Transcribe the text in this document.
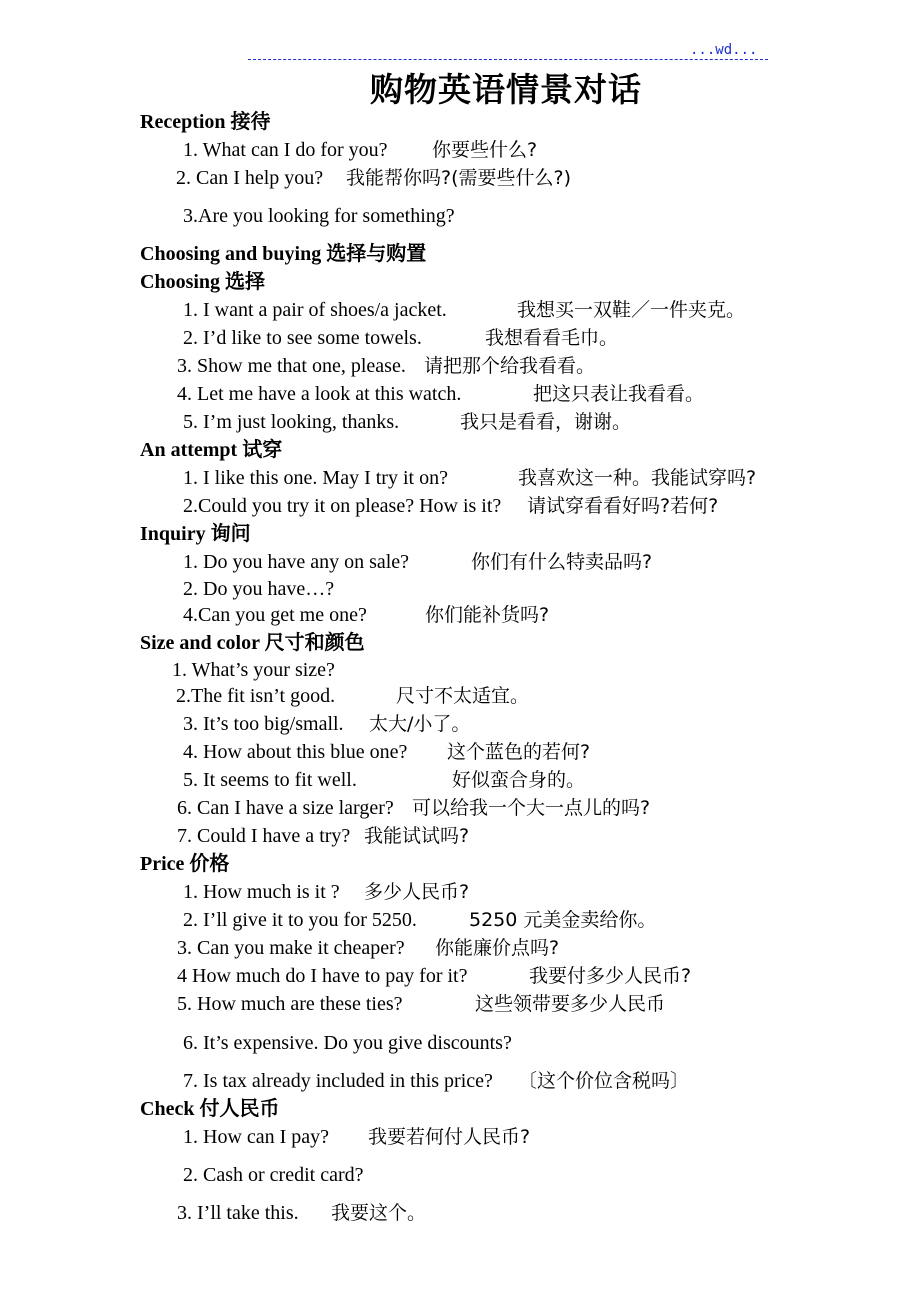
...wd...
购物英语情景对话
Reception 接待
1. What can I do for you? 你要些什么?
2. Can I help you? 我能帮你吗?(需要些什么?)
3.Are you looking for something?
Choosing and buying 选择与购置
Choosing 选择
1. I want a pair of shoes/a jacket.	我想买一双鞋／一件夹克。
2. I’d like to see some towels.	我想看看毛巾。
3. Show me that one, please. 请把那个给我看看。
4. Let me have a look at this watch.	把这只表让我看看。
5. I’m just looking, thanks.	我只是看看，谢谢。
An attempt 试穿
1. I like this one. May I try it on?	我喜欢这一种。我能试穿吗?
2.Could you try it on please? How is it? 请试穿看看好吗?若何?
Inquiry 询问
1. Do you have any on sale?	你们有什么特卖品吗?
2. Do you have…?
4.Can you get me one?	你们能补货吗?
Size and color 尺寸和颜色
1. What’s your size?
2.The fit isn’t good.	尺寸不太适宜。
3. It’s too big/small. 太大/小了。
4. How about this blue one? 这个蓝色的若何?
5. It seems to fit well.	好似蛮合身的。
6. Can I have a size larger? 可以给我一个大一点儿的吗?
7. Could I have a try? 我能试试吗?
Price 价格
1. How much is it ? 多少人民币?
2. I’ll give it to you for 5250.	5250 元美金卖给你。
3. Can you make it cheaper? 你能廉价点吗?
4 How much do I have to pay for it?	我要付多少人民币?
5. How much are these ties?	这些领带要多少人民币
6. It’s expensive. Do you give discounts?
7. Is tax already included in this price? 〔这个价位含税吗〕
Check 付人民币
1. How can I pay? 我要若何付人民币?
2. Cash or credit card?
3. I’ll take this. 我要这个。
